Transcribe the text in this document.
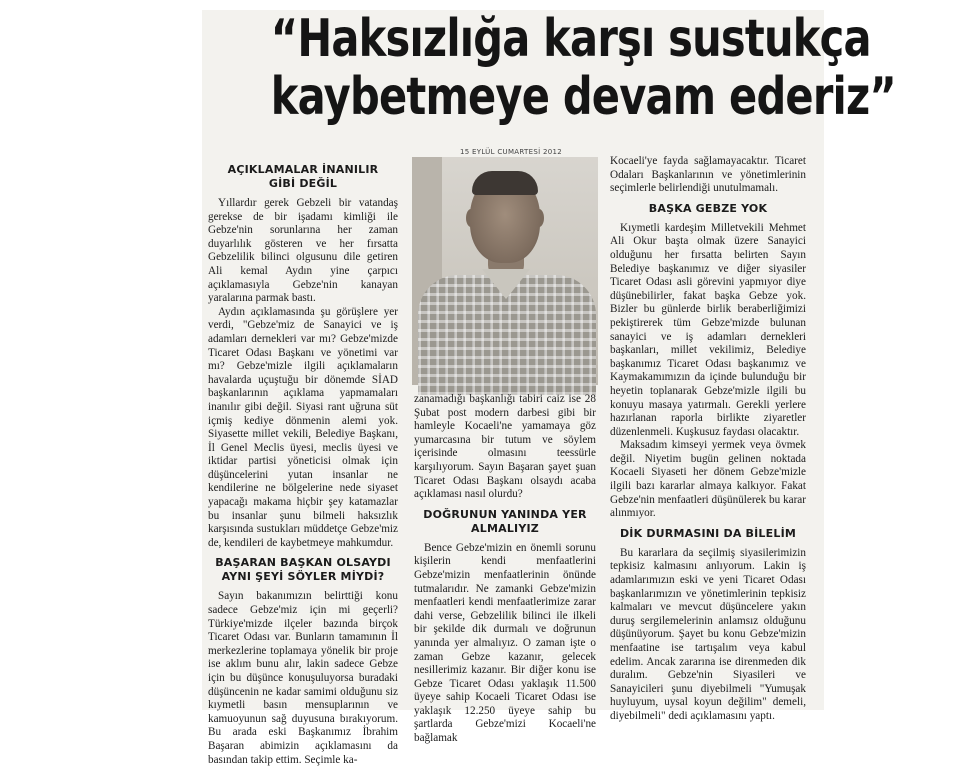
“Haksızlığa karşı sustukça
kaybetmeye devam ederiz”
15 EYLÜL CUMARTESİ 2012
AÇIKLAMALAR İNANILIR
GİBİ DEĞİL

Yıllardır gerek Gebzeli bir vatandaş gerekse de bir işadamı kimliği ile Gebze'nin sorunlarına her zaman duyarlılık gösteren ve her fırsatta Gebzelilik bilinci olgusunu dile getiren Ali kemal Aydın yine çarpıcı açıklamasıyla Gebze'nin kanayan yaralarına parmak bastı.

Aydın açıklamasında şu görüşlere yer verdi, "Gebze'miz de Sanayici ve iş adamları dernekleri var mı? Gebze'mizde Ticaret Odası Başkanı ve yönetimi var mı? Gebze'mizle ilgili açıklamaların havalarda uçuştuğu bir dönemde SİAD başkanlarının açıklama yapmamaları inanılır gibi değil. Siyasi rant uğruna süt içmiş kediye dönmenin alemi yok. Siyasette millet vekili, Belediye Başkanı, İl Genel Meclis üyesi, meclis üyesi ve iktidar partisi yöneticisi olmak için düşüncelerini yutan insanlar ne kendilerine ne bölgelerine nede siyaset yapacağı makama hiçbir şey katamazlar bu insanlar şunu bilmeli haksızlık karşısında sustukları müddetçe Gebze'miz de, kendileri de kaybetmeye mahkumdur.

BAŞARAN BAŞKAN OLSAYDI
AYNI ŞEYİ SÖYLER MİYDİ?

Sayın bakanımızın belirttiği konu sadece Gebze'miz için mi geçerli? Türkiye'mizde ilçeler bazında birçok Ticaret Odası var. Bunların tamamının İl merkezlerine toplamaya yönelik bir proje ise aklım bunu alır, lakin sadece Gebze için bu düşünce konuşuluyorsa buradaki düşüncenin ne kadar samimi olduğunu siz kıymetli basın mensuplarının ve kamuoyunun sağ duyusuna bırakıyorum. Bu arada eski Başkanımız İbrahim Başaran abimizin açıklamasını da basından takip ettim. Seçimle ka-

zanamadığı başkanlığı tabiri caiz ise 28 Şubat post modern darbesi gibi bir hamleyle Kocaeli'ne yamamaya göz yumarcasına bir tutum ve söylem içerisinde olmasını teessürle karşılıyorum. Sayın Başaran şayet şuan Ticaret Odası Başkanı olsaydı acaba açıklaması nasıl olurdu?

DOĞRUNUN YANINDA YER
ALMALIYIZ

Bence Gebze'mizin en önemli sorunu kişilerin kendi menfaatlerini Gebze'mizin menfaatlerinin önünde tutmalarıdır. Ne zamanki Gebze'mizin menfaatleri kendi menfaatlerimize zarar dahi verse, Gebzelilik bilinci ile ilkeli bir şekilde dik durmalı ve doğrunun yanında yer almalıyız. O zaman işte o zaman Gebze kazanır, gelecek nesillerimiz kazanır. Bir diğer konu ise Gebze Ticaret Odası yaklaşık 11.500 üyeye sahip Kocaeli Ticaret Odası ise yaklaşık 12.250 üyeye sahip bu şartlarda Gebze'mizi Kocaeli'ne bağlamak

Kocaeli'ye fayda sağlamayacaktır. Ticaret Odaları Başkanlarının ve yönetimlerinin seçimlerle belirlendiği unutulmamalı.

BAŞKA GEBZE YOK

Kıymetli kardeşim Milletvekili Mehmet Ali Okur başta olmak üzere Sanayici olduğunu her fırsatta belirten Sayın Belediye başkanımız ve diğer siyasiler Ticaret Odası asli görevini yapmıyor diye düşünebilirler, fakat başka Gebze yok. Bizler bu günlerde birlik beraberliğimizi pekiştirerek tüm Gebze'mizde bulunan sanayici ve iş adamları dernekleri başkanları, millet vekilimiz, Belediye başkanımız Ticaret Odası başkanımız ve Kaymakamımızın da içinde bulunduğu bir heyetin toplanarak Gebze'mizle ilgili bu konuyu masaya yatırmalı. Gerekli yerlere hazırlanan raporla birlikte ziyaretler düzenlenmeli. Kuşkusuz faydası olacaktır.

Maksadım kimseyi yermek veya övmek değil. Niyetim bugün gelinen noktada Kocaeli Siyaseti her dönem Gebze'mizle ilgili bazı kararlar almaya kalkıyor. Fakat Gebze'nin menfaatleri düşünülerek bu karar alınmıyor.

DİK DURMASINI DA BİLELİM

Bu kararlara da seçilmiş siyasilerimizin tepkisiz kalmasını anlıyorum. Lakin iş adamlarımızın eski ve yeni Ticaret Odası başkanlarımızın ve yönetimlerinin tepkisiz kalmaları ve mevcut düşüncelere yakın duruş sergilemelerinin anlamsız olduğunu düşünüyorum. Şayet bu konu Gebze'mizin menfaatine ise tartışalım veya kabul edelim. Ancak zararına ise direnmeden dik duralım. Gebze'nin Siyasileri ve Sanayicileri şunu diyebilmeli "Yumuşak huyluyum, uysal koyun değilim" demeli, diyebilmeli" dedi açıklamasını yaptı.
